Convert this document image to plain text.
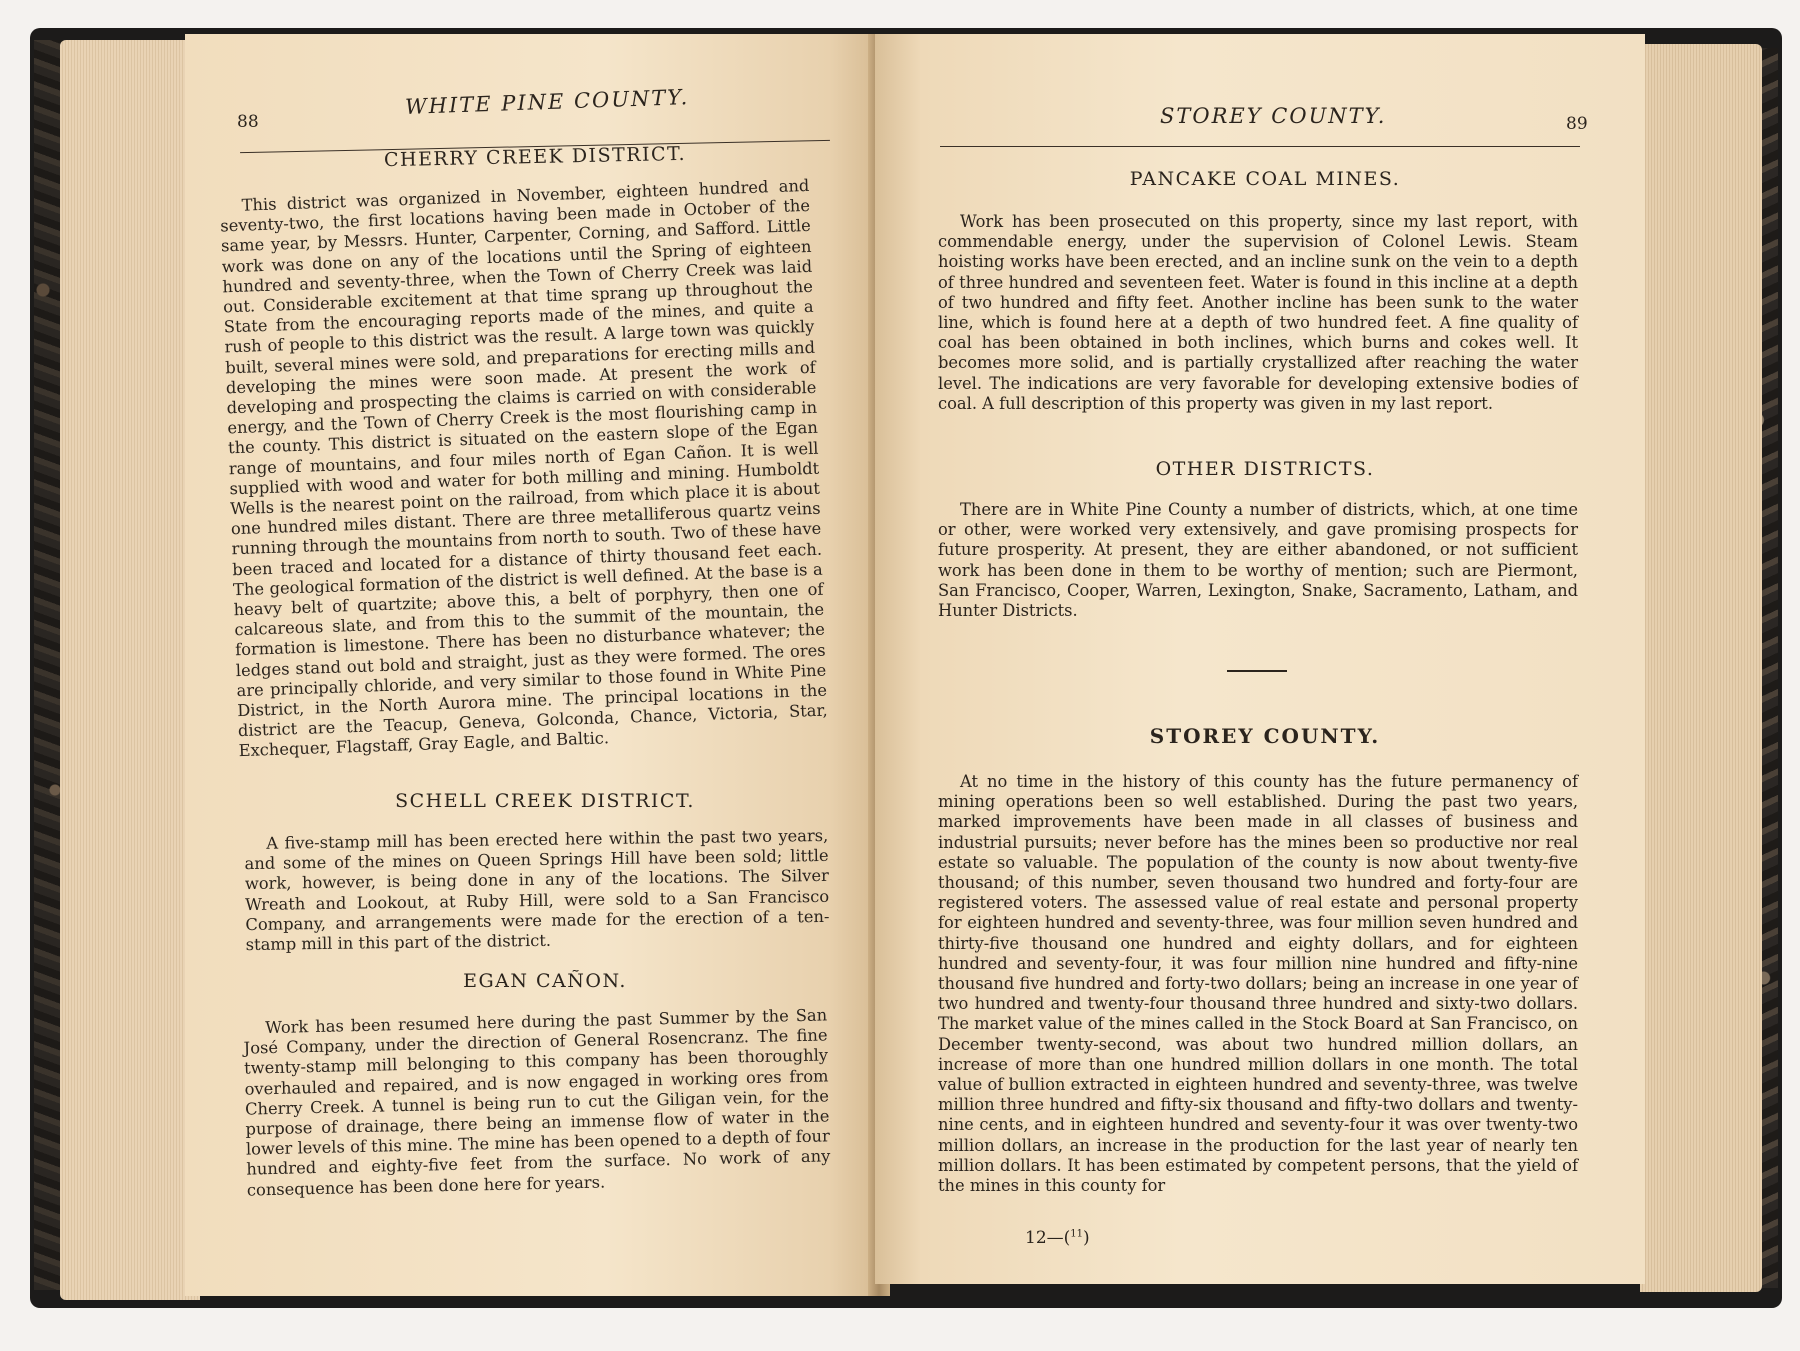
88
WHITE PINE COUNTY.
CHERRY CREEK DISTRICT.

This district was organized in November, eighteen hundred and seventy-two, the first locations having been made in October of the same year, by Messrs. Hunter, Carpenter, Corning, and Safford. Little work was done on any of the locations until the Spring of eighteen hundred and seventy-three, when the Town of Cherry Creek was laid out. Considerable excitement at that time sprang up throughout the State from the encouraging reports made of the mines, and quite a rush of people to this district was the result. A large town was quickly built, several mines were sold, and preparations for erecting mills and developing the mines were soon made. At present the work of developing and prospecting the claims is carried on with considerable energy, and the Town of Cherry Creek is the most flourishing camp in the county. This district is situated on the eastern slope of the Egan range of mountains, and four miles north of Egan Cañon. It is well supplied with wood and water for both milling and mining. Humboldt Wells is the nearest point on the railroad, from which place it is about one hundred miles distant. There are three metalliferous quartz veins running through the mountains from north to south. Two of these have been traced and located for a distance of thirty thousand feet each. The geological formation of the district is well defined. At the base is a heavy belt of quartzite; above this, a belt of porphyry, then one of calcareous slate, and from this to the summit of the mountain, the formation is limestone. There has been no disturbance whatever; the ledges stand out bold and straight, just as they were formed. The ores are principally chloride, and very similar to those found in White Pine District, in the North Aurora mine. The principal locations in the district are the Teacup, Geneva, Golconda, Chance, Victoria, Star, Exchequer, Flagstaff, Gray Eagle, and Baltic.

SCHELL CREEK DISTRICT.

A five-stamp mill has been erected here within the past two years, and some of the mines on Queen Springs Hill have been sold; little work, however, is being done in any of the locations. The Silver Wreath and Lookout, at Ruby Hill, were sold to a San Francisco Company, and arrangements were made for the erection of a ten-stamp mill in this part of the district.

EGAN CAÑON.

Work has been resumed here during the past Summer by the San José Company, under the direction of General Rosencranz. The fine twenty-stamp mill belonging to this company has been thoroughly overhauled and repaired, and is now engaged in working ores from Cherry Creek. A tunnel is being run to cut the Giligan vein, for the purpose of drainage, there being an immense flow of water in the lower levels of this mine. The mine has been opened to a depth of four hundred and eighty-five feet from the surface. No work of any consequence has been done here for years.

STOREY COUNTY.	89
PANCAKE COAL MINES.

Work has been prosecuted on this property, since my last report, with commendable energy, under the supervision of Colonel Lewis. Steam hoisting works have been erected, and an incline sunk on the vein to a depth of three hundred and seventeen feet. Water is found in this incline at a depth of two hundred and fifty feet. Another incline has been sunk to the water line, which is found here at a depth of two hundred feet. A fine quality of coal has been obtained in both inclines, which burns and cokes well. It becomes more solid, and is partially crystallized after reaching the water level. The indications are very favorable for developing extensive bodies of coal. A full description of this property was given in my last report.

OTHER DISTRICTS.

There are in White Pine County a number of districts, which, at one time or other, were worked very extensively, and gave promising prospects for future prosperity. At present, they are either abandoned, or not sufficient work has been done in them to be worthy of mention; such are Piermont, San Francisco, Cooper, Warren, Lexington, Snake, Sacramento, Latham, and Hunter Districts.

STOREY COUNTY.

At no time in the history of this county has the future permanency of mining operations been so well established. During the past two years, marked improvements have been made in all classes of business and industrial pursuits; never before has the mines been so productive nor real estate so valuable. The population of the county is now about twenty-five thousand; of this number, seven thousand two hundred and forty-four are registered voters. The assessed value of real estate and personal property for eighteen hundred and seventy-three, was four million seven hundred and thirty-five thousand one hundred and eighty dollars, and for eighteen hundred and seventy-four, it was four million nine hundred and fifty-nine thousand five hundred and forty-two dollars; being an increase in one year of two hundred and twenty-four thousand three hundred and sixty-two dollars. The market value of the mines called in the Stock Board at San Francisco, on December twenty-second, was about two hundred million dollars, an increase of more than one hundred million dollars in one month. The total value of bullion extracted in eighteen hundred and seventy-three, was twelve million three hundred and fifty-six thousand and fifty-two dollars and twenty-nine cents, and in eighteen hundred and seventy-four it was over twenty-two million dollars, an increase in the production for the last year of nearly ten million dollars. It has been estimated by competent persons, that the yield of the mines in this county for

12—($^{11}$)
